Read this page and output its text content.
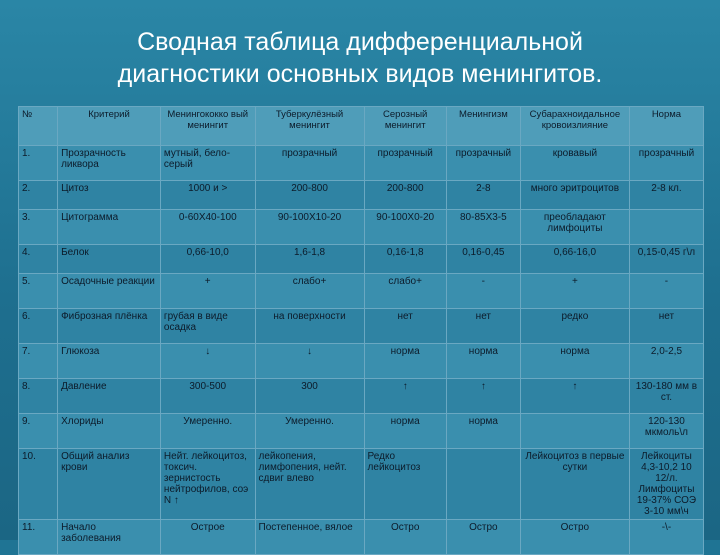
Сводная таблица дифференциальной
диагностики основных видов менингитов.
№	Критерий	Менингококко вый менингит	Туберкулёзный менингит	Серозный менингит	Менингизм	Субарахноидальное кровоизлияние	Норма
1.	Прозрачность ликвора	мутный, бело-серый	прозрачный	прозрачный	прозрачный	кровавый	прозрачный
2.	Цитоз	1000 и >	200-800	200-800	2-8	много эритроцитов	2-8 кл.
3.	Цитограмма	0-60Х40-100	90-100Х10-20	90-100Х0-20	80-85Х3-5	преобладают лимфоциты	
4.	Белок	0,66-10,0	1,6-1,8	0,16-1,8	0,16-0,45	0,66-16,0	0,15-0,45 г\л
5.	Осадочные реакции	+	слабо+	слабо+	-	+	-
6.	Фиброзная плёнка	грубая в виде осадка	на поверхности	нет	нет	редко	нет
7.	Глюкоза	↓	↓	норма	норма	норма	2,0-2,5
8.	Давление	300-500	300	↑	↑	↑	130-180 мм в ст.
9.	Хлориды	Умеренно.	Умеренно.	норма	норма		120-130 мкмоль\л
10.	Общий анализ крови	Нейт. лейкоцитоз, токсич. зернистость нейтрофилов, соэ N ↑	лейкопения, лимфопения, нейт. сдвиг влево	Редко лейкоцитоз		Лейкоцитоз в первые сутки	Лейкоциты 4,3-10,2 10 12/л. Лимфоциты 19-37% СОЭ 3-10 мм\ч
11.	Начало заболевания	Острое	Постепенное, вялое	Остро	Остро	Остро	-\-
